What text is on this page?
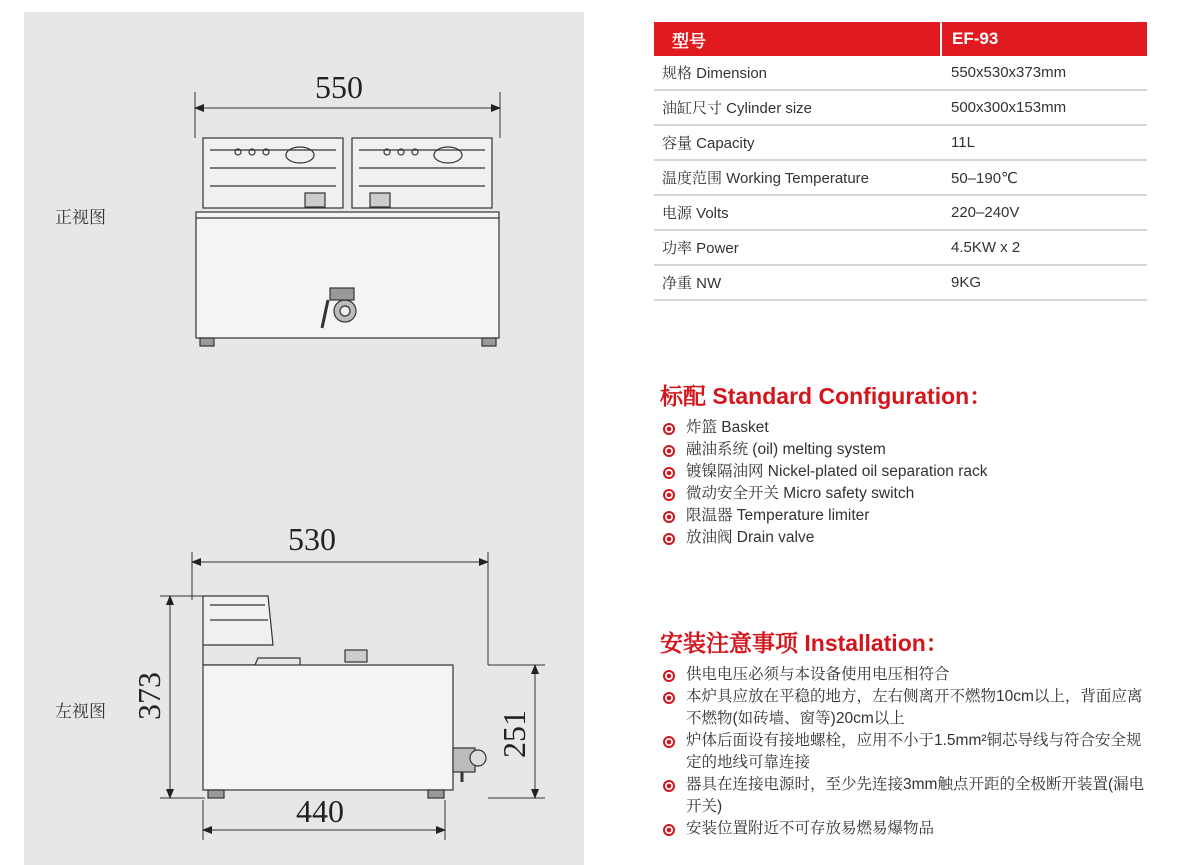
正视图
左视图
550
530
373
251
440
型号	EF-93
规格 Dimension	550x530x373mm
油缸尺寸 Cylinder size	500x300x153mm
容量 Capacity	11L
温度范围 Working Temperature	50–190℃
电源 Volts	220–240V
功率 Power	4.5KW x 2
净重 NW	9KG
标配 Standard Configuration：
炸篮 Basket
融油系统 (oil) melting system
镀镍隔油网 Nickel-plated oil separation rack
微动安全开关 Micro safety switch
限温器 Temperature limiter
放油阀 Drain valve
安装注意事项 Installation：
供电电压必须与本设备使用电压相符合
本炉具应放在平稳的地方，左右侧离开不燃物10cm以上，背面应离不燃物(如砖墙、窗等)20cm以上
炉体后面设有接地螺栓，应用不小于1.5mm²铜芯导线与符合安全规定的地线可靠连接
器具在连接电源时，至少先连接3mm触点开距的全极断开装置(漏电开关)
安装位置附近不可存放易燃易爆物品
